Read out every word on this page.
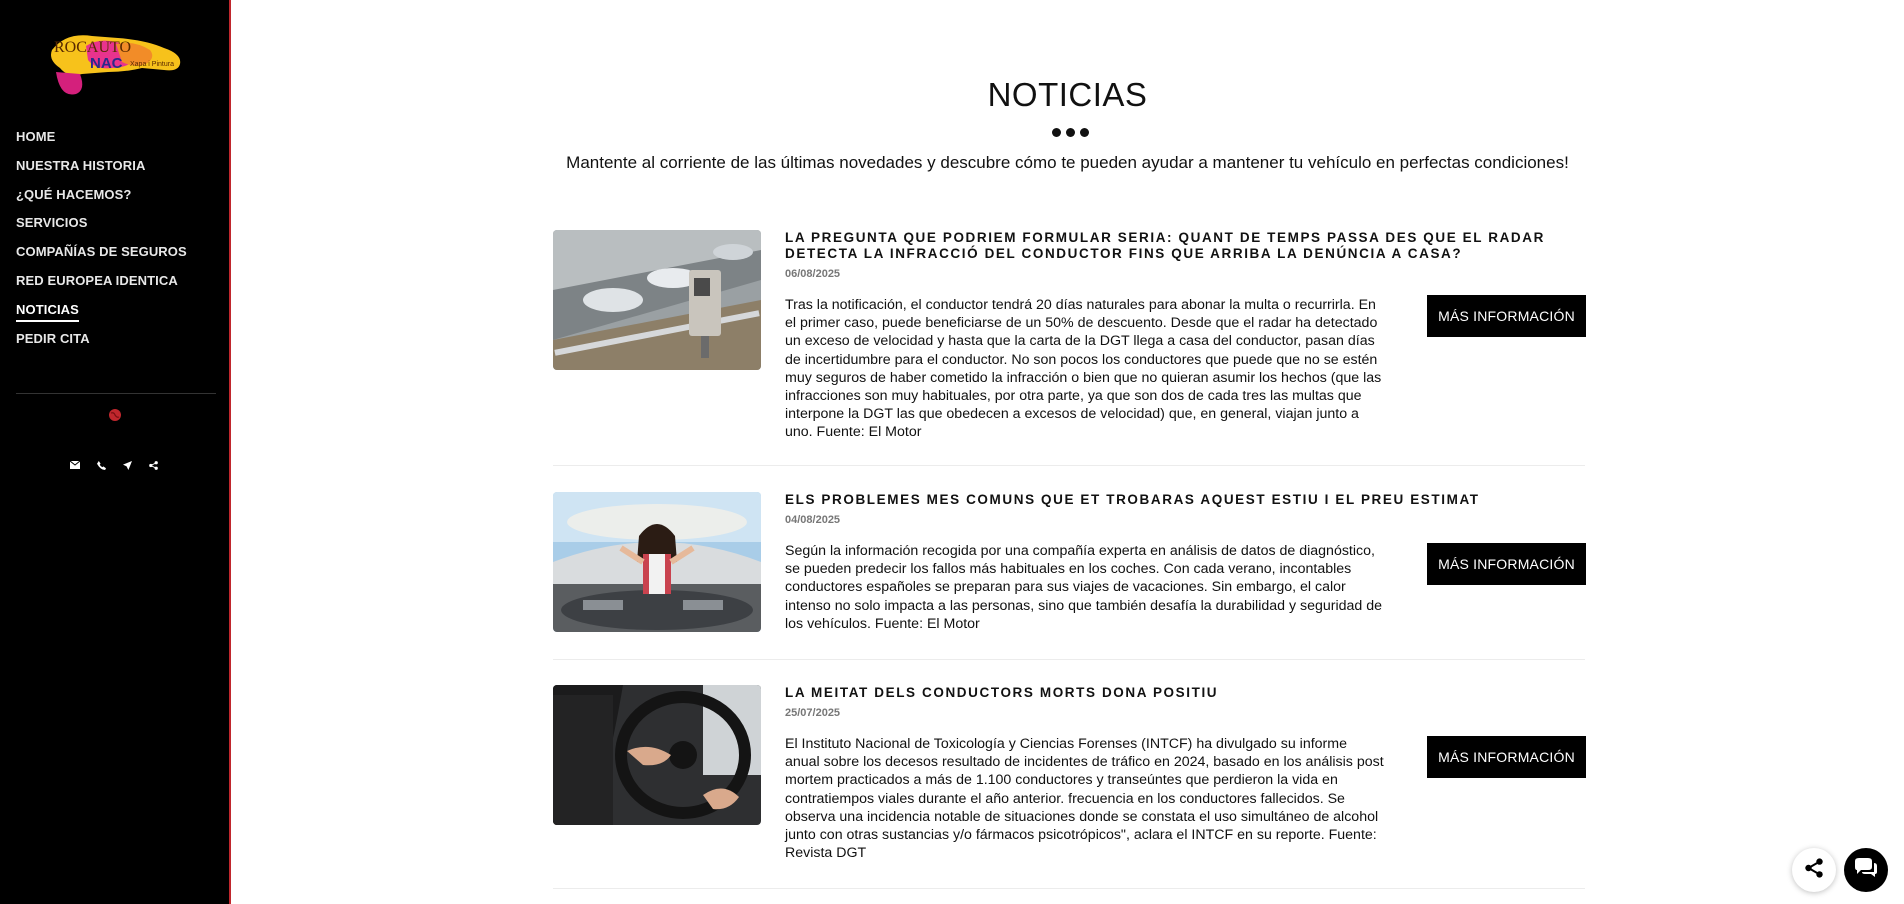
ROCAUTO
NAC Xapa i Pintura
HOME
NUESTRA HISTORIA
¿QUÉ HACEMOS?
SERVICIOS
COMPAÑÍAS DE SEGUROS
RED EUROPEA IDENTICA
NOTICIAS
PEDIR CITA
NOTICIAS

Mantente al corriente de las últimas novedades y descubre cómo te pueden ayudar a mantener tu vehículo en perfectas condiciones!

LA PREGUNTA QUE PODRIEM FORMULAR SERIA: QUANT DE TEMPS PASSA DES QUE EL RADAR DETECTA LA INFRACCIÓ DEL CONDUCTOR FINS QUE ARRIBA LA DENÚNCIA A CASA?
06/08/2025

Tras la notificación, el conductor tendrá 20 días naturales para abonar la multa o recurrirla. En el primer caso, puede beneficiarse de un 50% de descuento. Desde que el radar ha detectado un exceso de velocidad y hasta que la carta de la DGT llega a casa del conductor, pasan días de incertidumbre para el conductor. No son pocos los conductores que puede que no se estén muy seguros de haber cometido la infracción o bien que no quieran asumir los hechos (que las infracciones son muy habituales, por otra parte, ya que son dos de cada tres las multas que interpone la DGT las que obedecen a excesos de velocidad) que, en general, viajan junto a uno. Fuente: El Motor

MÁS INFORMACIÓN
ELS PROBLEMES MES COMUNS QUE ET TROBARAS AQUEST ESTIU I EL PREU ESTIMAT
04/08/2025

Según la información recogida por una compañía experta en análisis de datos de diagnóstico, se pueden predecir los fallos más habituales en los coches. Con cada verano, incontables conductores españoles se preparan para sus viajes de vacaciones. Sin embargo, el calor intenso no solo impacta a las personas, sino que también desafía la durabilidad y seguridad de los vehículos. Fuente: El Motor

MÁS INFORMACIÓN
LA MEITAT DELS CONDUCTORS MORTS DONA POSITIU
25/07/2025

El Instituto Nacional de Toxicología y Ciencias Forenses (INTCF) ha divulgado su informe anual sobre los decesos resultado de incidentes de tráfico en 2024, basado en los análisis post mortem practicados a más de 1.100 conductores y transeúntes que perdieron la vida en contratiempos viales durante el año anterior. frecuencia en los conductores fallecidos. Se observa una incidencia notable de situaciones donde se constata el uso simultáneo de alcohol junto con otras sustancias y/o fármacos psicotrópicos", aclara el INTCF en su reporte. Fuente: Revista DGT

MÁS INFORMACIÓN
